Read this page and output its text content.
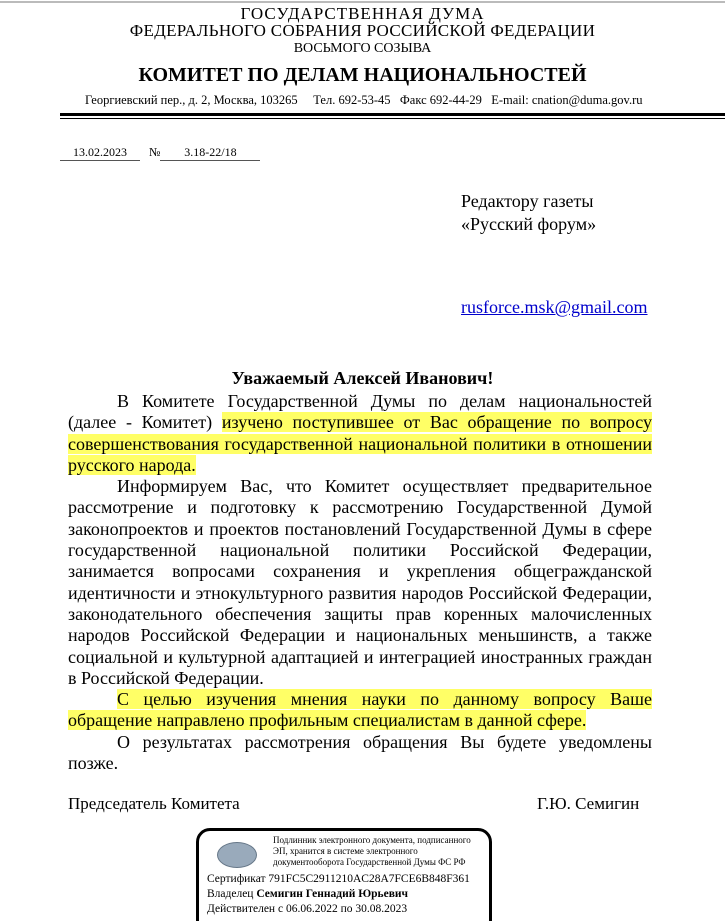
ГОСУДАРСТВЕННАЯ ДУМА
ФЕДЕРАЛЬНОГО СОБРАНИЯ РОССИЙСКОЙ ФЕДЕРАЦИИ
ВОСЬМОГО СОЗЫВА
КОМИТЕТ ПО ДЕЛАМ НАЦИОНАЛЬНОСТЕЙ
Георгиевский пер., д. 2, Москва, 103265     Тел. 692-53-45   Факс 692-44-29   E-mail: cnation@duma.gov.ru
13.02.2023 № 3.18-22/18
Редактору газеты
«Русский форум»
rusforce.msk@gmail.com
Уважаемый Алексей Иванович!

В Комитете Государственной Думы по делам национальностей (далее - Комитет) изучено поступившее от Вас обращение по вопросу совершенствования государственной национальной политики в отношении русского народа.

Информируем Вас, что Комитет осуществляет предварительное рассмотрение и подготовку к рассмотрению Государственной Думой законопроектов и проектов постановлений Государственной Думы в сфере государственной национальной политики Российской Федерации, занимается вопросами сохранения и укрепления общегражданской идентичности и этнокультурного развития народов Российской Федерации, законодательного обеспечения защиты прав коренных малочисленных народов Российской Федерации и национальных меньшинств, а также социальной и культурной адаптацией и интеграцией иностранных граждан в Российской Федерации.

С целью изучения мнения науки по данному вопросу Ваше обращение направлено профильным специалистам в данной сфере.

О результатах рассмотрения обращения Вы будете уведомлены позже.

Председатель Комитета	Г.Ю. Семигин
Подлинник электронного документа, подписанного ЭП, хранится в системе электронного документооборота Государственной Думы ФС РФ
Сертификат 791FC5C2911210AC28A7FCE6B848F361
Владелец Семигин Геннадий Юрьевич
Действителен с 06.06.2022 по 30.08.2023
